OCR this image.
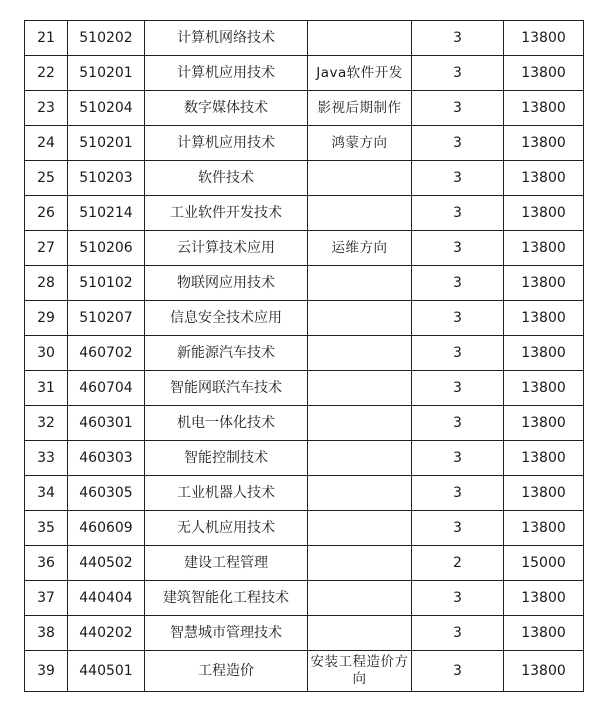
21	510202	计算机网络技术		3	13800
22	510201	计算机应用技术	Java软件开发	3	13800
23	510204	数字媒体技术	影视后期制作	3	13800
24	510201	计算机应用技术	鸿蒙方向	3	13800
25	510203	软件技术		3	13800
26	510214	工业软件开发技术		3	13800
27	510206	云计算技术应用	运维方向	3	13800
28	510102	物联网应用技术		3	13800
29	510207	信息安全技术应用		3	13800
30	460702	新能源汽车技术		3	13800
31	460704	智能网联汽车技术		3	13800
32	460301	机电一体化技术		3	13800
33	460303	智能控制技术		3	13800
34	460305	工业机器人技术		3	13800
35	460609	无人机应用技术		3	13800
36	440502	建设工程管理		2	15000
37	440404	建筑智能化工程技术		3	13800
38	440202	智慧城市管理技术		3	13800
39	440501	工程造价	安装工程造价方向	3	13800
